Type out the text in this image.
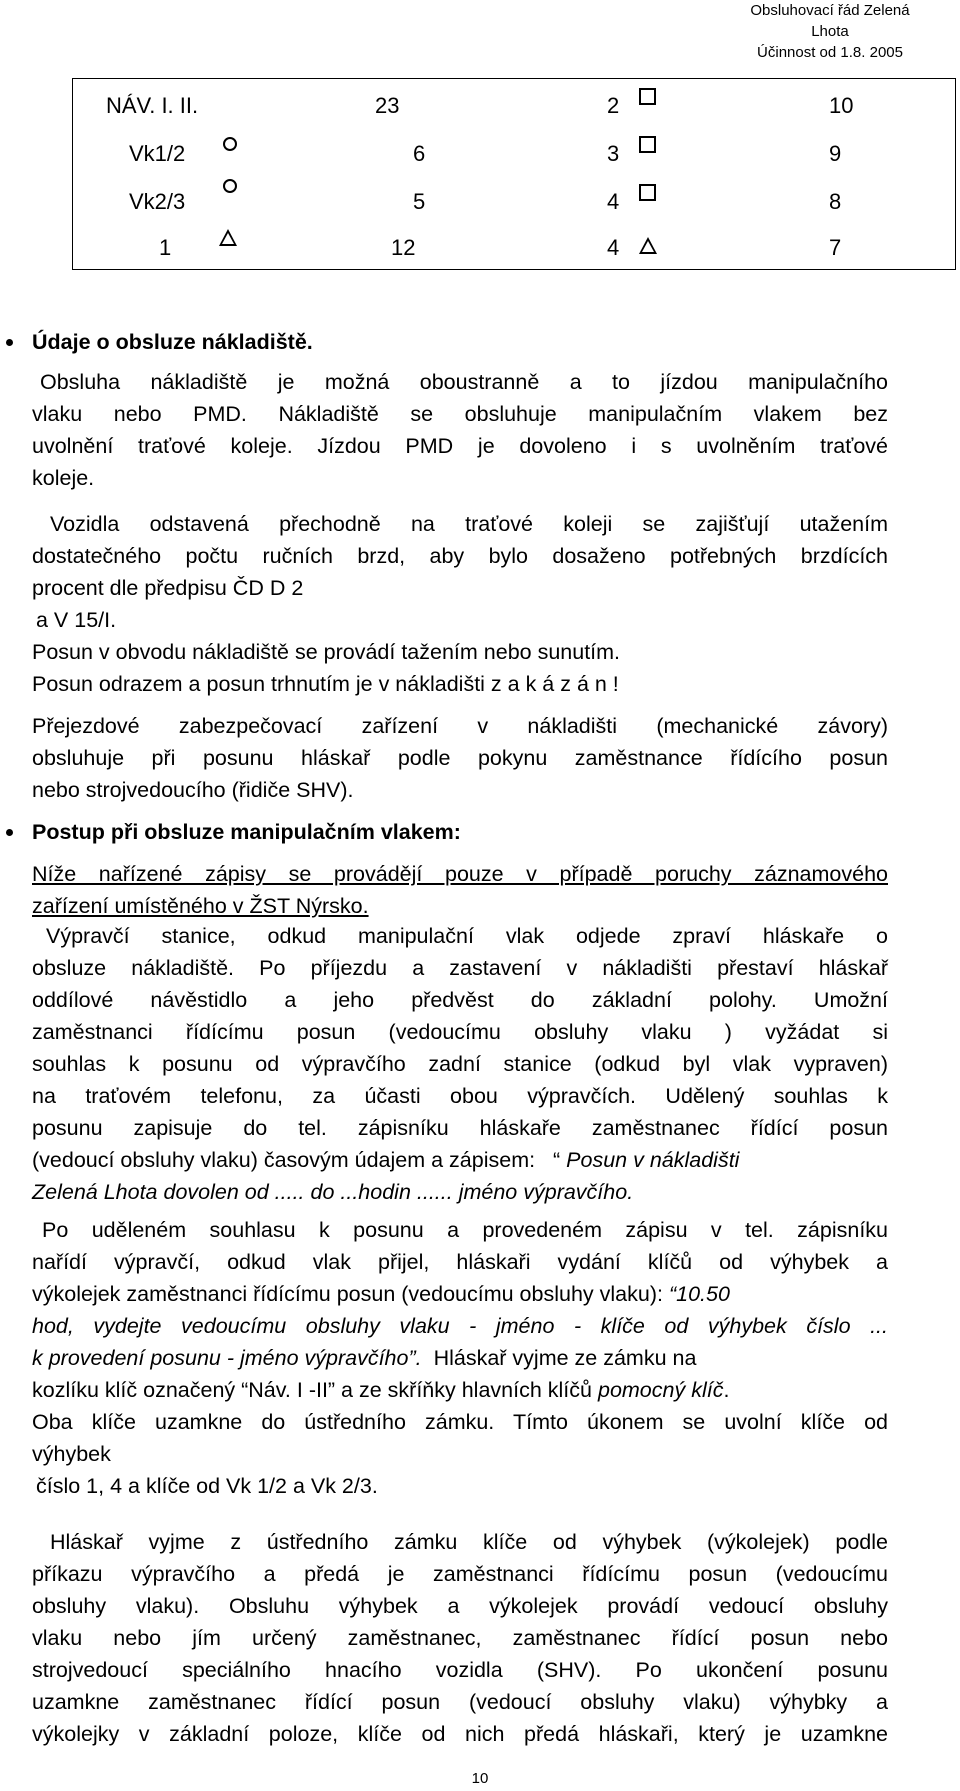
Obsluhovací řád Zelená
Lhota
Účinnost od 1.8. 2005
NÁV. I. II.	23	2	10
Vk1/2	6	3	9
Vk2/3	5	4	8
1	12	4	7
Údaje o obsluze nákladiště.
Obsluha nákladiště je možná oboustranně a to jízdou manipulačního
vlaku nebo PMD. Nákladiště se obsluhuje manipulačním vlakem bez
uvolnění traťové koleje. Jízdou PMD je dovoleno i s uvolněním traťové
koleje.
Vozidla odstavená přechodně na traťové koleji se zajišťují utažením
dostatečného počtu ručních brzd, aby bylo dosaženo potřebných brzdících
procent dle předpisu ČD D 2
a V 15/I.
Posun v obvodu nákladiště se provádí tažením nebo sunutím.
Posun odrazem a posun trhnutím je v nákladišti z a k á z á n !
Přejezdové zabezpečovací zařízení v nákladišti (mechanické závory)
obsluhuje při posunu hláskař podle pokynu zaměstnance řídícího posun
nebo strojvedoucího (řidiče SHV).
Postup při obsluze manipulačním vlakem:
Níže nařízené zápisy se provádějí pouze v případě poruchy záznamového
zařízení umístěného v ŽST Nýrsko.
Výpravčí stanice, odkud manipulační vlak odjede zpraví hláskaře o
obsluze nákladiště. Po příjezdu a zastavení v nákladišti přestaví hláskař
oddílové návěstidlo a jeho předvěst do základní polohy. Umožní
zaměstnanci řídícímu posun (vedoucímu obsluhy vlaku ) vyžádat si
souhlas k posunu od výpravčího zadní stanice (odkud byl vlak vypraven)
na traťovém telefonu, za účasti obou výpravčích. Udělený souhlas k
posunu zapisuje do tel. zápisníku hláskaře zaměstnanec řídící posun
(vedoucí obsluhy vlaku) časovým údajem a zápisem:   “ Posun v nákladišti
Zelená Lhota dovolen od ..... do ...hodin ...... jméno výpravčího.
Po uděleném souhlasu k posunu a provedeném zápisu v tel. zápisníku
nařídí výpravčí, odkud vlak přijel, hláskaři vydání klíčů od výhybek a
výkolejek zaměstnanci řídícímu posun (vedoucímu obsluhy vlaku): “10.50
hod, vydejte vedoucímu obsluhy vlaku - jméno - klíče od výhybek číslo ...
k provedení posunu - jméno výpravčího”. Hláskař vyjme ze zámku na
kozlíku klíč označený “Náv. I -II” a ze skříňky hlavních klíčů pomocný klíč.
Oba klíče uzamkne do ústředního zámku. Tímto úkonem se uvolní klíče od
výhybek
číslo 1, 4 a klíče od Vk 1/2 a Vk 2/3.
Hláskař vyjme z ústředního zámku klíče od výhybek (výkolejek) podle
příkazu výpravčího a předá je zaměstnanci řídícímu posun (vedoucímu
obsluhy vlaku). Obsluhu výhybek a výkolejek provádí vedoucí obsluhy
vlaku nebo jím určený zaměstnanec, zaměstnanec řídící posun nebo
strojvedoucí speciálního hnacího vozidla (SHV). Po ukončení posunu
uzamkne zaměstnanec řídící posun (vedoucí obsluhy vlaku) výhybky a
výkolejky v základní poloze, klíče od nich předá hláskaři, který je uzamkne
10
